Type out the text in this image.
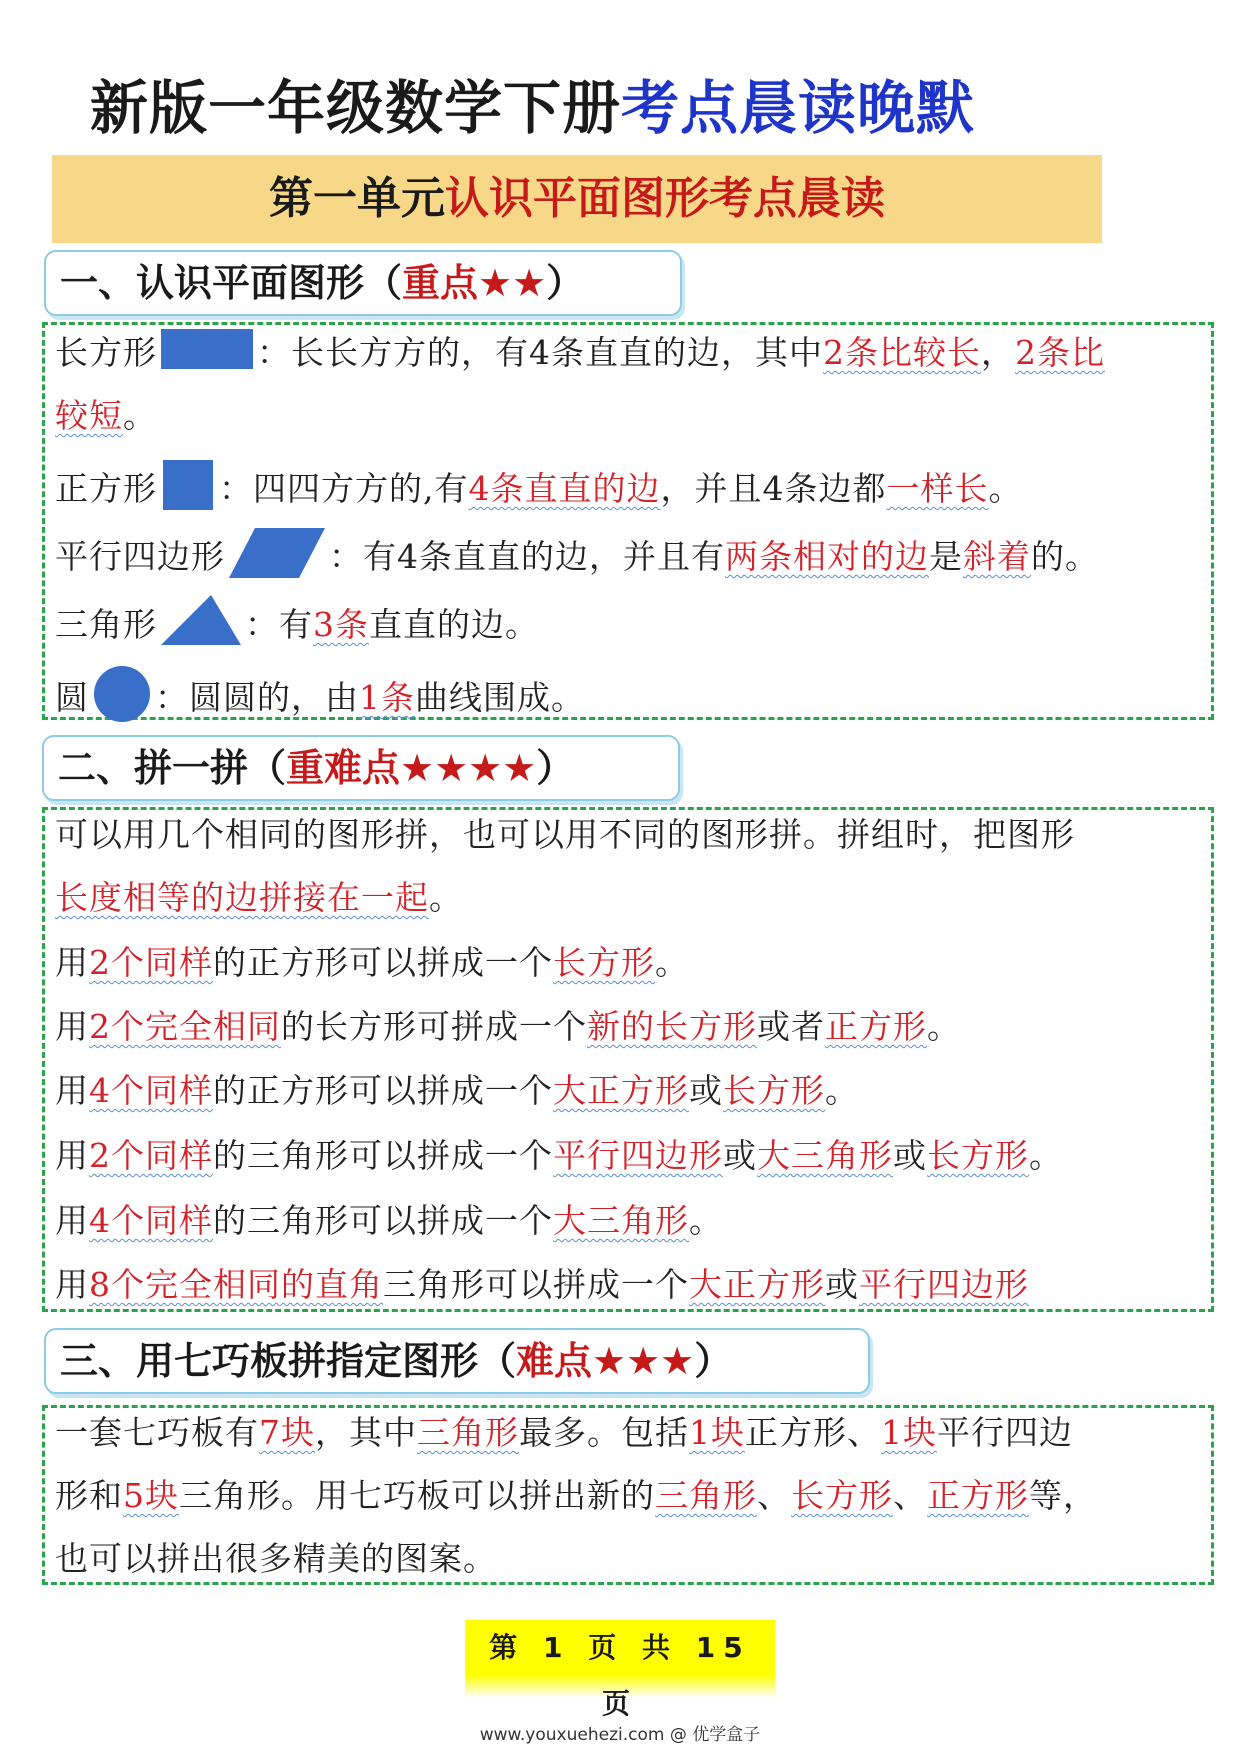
新版一年级数学下册考点晨读晚默
第一单元认识平面图形考点晨读
一、认识平面图形（重点★★）
长方形	：长长方方的，有4条直直的边，其中2条比较长，2条比
较短。
正方形 ：四四方方的,有4条直直的边，并且4条边都一样长。
平行四边形	：有4条直直的边，并且有两条相对的边是斜着的。
三角形	：有3条直直的边。
圆 ：圆圆的，由1条曲线围成。
二、拼一拼（重难点★★★★）
可以用几个相同的图形拼，也可以用不同的图形拼。拼组时，把图形
长度相等的边拼接在一起。
用2个同样的正方形可以拼成一个长方形。
用2个完全相同的长方形可拼成一个新的长方形或者正方形。
用4个同样的正方形可以拼成一个大正方形或长方形。
用2个同样的三角形可以拼成一个平行四边形或大三角形或长方形。
用4个同样的三角形可以拼成一个大三角形。
用8个完全相同的直角三角形可以拼成一个大正方形或平行四边形
三、用七巧板拼指定图形（难点★★★）
一套七巧板有7块，其中三角形最多。包括1块正方形、1块平行四边
形和5块三角形。用七巧板可以拼出新的三角形、长方形、正方形等，
也可以拼出很多精美的图案。
第 1 页 共 15 页
www.youxuehezi.com @ 优学盒子
